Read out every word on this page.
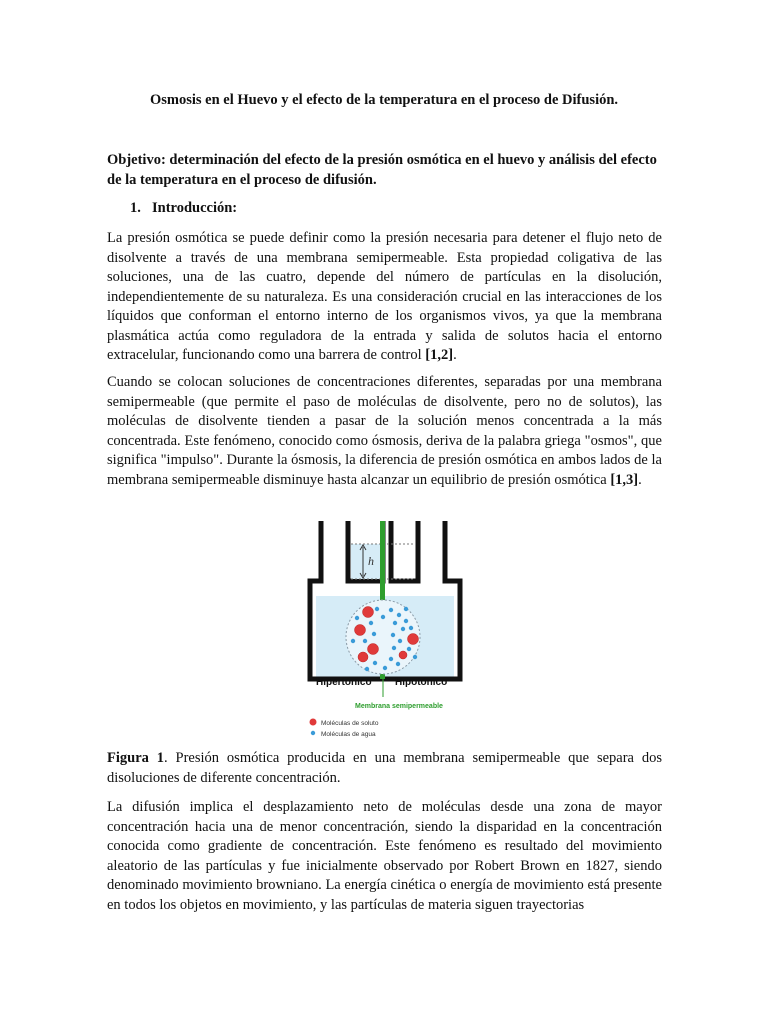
Osmosis en el Huevo y el efecto de la temperatura en el proceso de Difusión.
Objetivo: determinación del efecto de la presión osmótica en el huevo y análisis del efecto de la temperatura en el proceso de difusión.
1. Introducción:
La presión osmótica se puede definir como la presión necesaria para detener el flujo neto de disolvente a través de una membrana semipermeable. Esta propiedad coligativa de las soluciones, una de las cuatro, depende del número de partículas en la disolución, independientemente de su naturaleza. Es una consideración crucial en las interacciones de los líquidos que conforman el entorno interno de los organismos vivos, ya que la membrana plasmática actúa como reguladora de la entrada y salida de solutos hacia el entorno extracelular, funcionando como una barrera de control [1,2].
Cuando se colocan soluciones de concentraciones diferentes, separadas por una membrana semipermeable (que permite el paso de moléculas de disolvente, pero no de solutos), las moléculas de disolvente tienden a pasar de la solución menos concentrada a la más concentrada. Este fenómeno, conocido como ósmosis, deriva de la palabra griega "osmos", que significa "impulso". Durante la ósmosis, la diferencia de presión osmótica en ambos lados de la membrana semipermeable disminuye hasta alcanzar un equilibrio de presión osmótica [1,3].
h
Hipertónico Hipotónico
Membrana semipermeable
Moléculas de soluto
Moléculas de agua
Figura 1. Presión osmótica producida en una membrana semipermeable que separa dos disoluciones de diferente concentración.
La difusión implica el desplazamiento neto de moléculas desde una zona de mayor concentración hacia una de menor concentración, siendo la disparidad en la concentración conocida como gradiente de concentración. Este fenómeno es resultado del movimiento aleatorio de las partículas y fue inicialmente observado por Robert Brown en 1827, siendo denominado movimiento browniano. La energía cinética o energía de movimiento está presente en todos los objetos en movimiento, y las partículas de materia siguen trayectorias
